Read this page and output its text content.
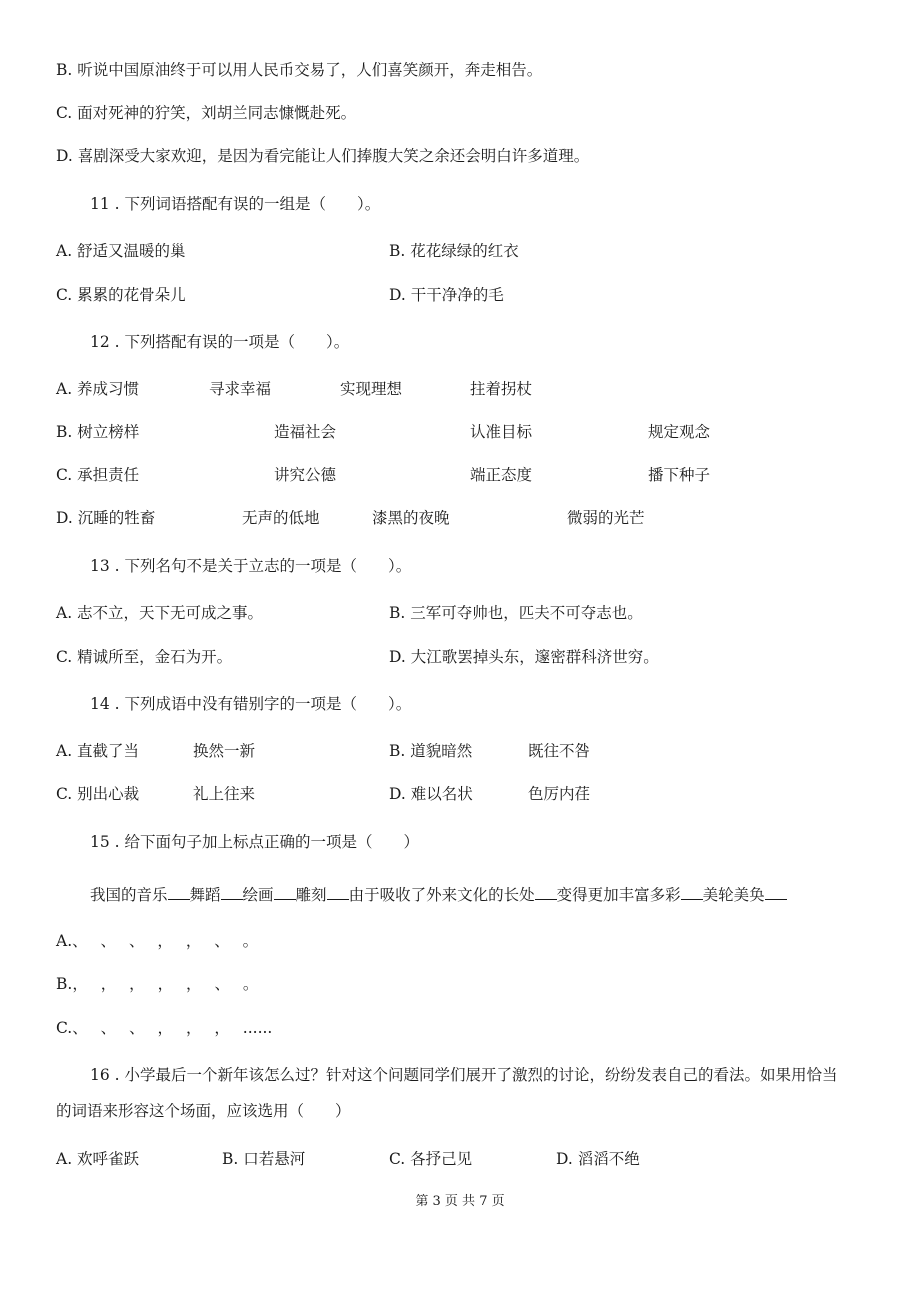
B. 听说中国原油终于可以用人民币交易了，人们喜笑颜开，奔走相告。
C. 面对死神的狞笑，刘胡兰同志慷慨赴死。
D. 喜剧深受大家欢迎，是因为看完能让人们捧腹大笑之余还会明白许多道理。
11 . 下列词语搭配有误的一组是（　　）。
A. 舒适又温暖的巢	B. 花花绿绿的红衣
C. 累累的花骨朵儿	D. 干干净净的毛
12 . 下列搭配有误的一项是（　　）。
A. 养成习惯	寻求幸福	实现理想	拄着拐杖
B. 树立榜样	造福社会	认准目标	规定观念
C. 承担责任	讲究公德	端正态度	播下种子
D. 沉睡的牲畜	无声的低地	漆黑的夜晚	微弱的光芒
13 . 下列名句不是关于立志的一项是（　　）。
A. 志不立，天下无可成之事。	B. 三军可夺帅也，匹夫不可夺志也。
C. 精诚所至，金石为开。	D. 大江歌罢掉头东，邃密群科济世穷。
14 . 下列成语中没有错别字的一项是（　　）。
A. 直截了当	换然一新	B. 道貌暗然	既往不咎
C. 别出心裁	礼上往来	D. 难以名状	色厉内荏
15 . 给下面句子加上标点正确的一项是（　　）
我国的音乐 舞蹈 绘画 雕刻 由于吸收了外来文化的长处 变得更加丰富多彩 美轮美奂
A.、 、 、 ， ， 、 。
B.， ， ， ， ， 、 。
C.、 、 、 ， ， ， ......
16 . 小学最后一个新年该怎么过？针对这个问题同学们展开了激烈的讨论，纷纷发表自己的看法。如果用恰当
的词语来形容这个场面，应该选用（　　）
A. 欢呼雀跃	B. 口若悬河	C. 各抒己见	D. 滔滔不绝
第 3 页 共 7 页
